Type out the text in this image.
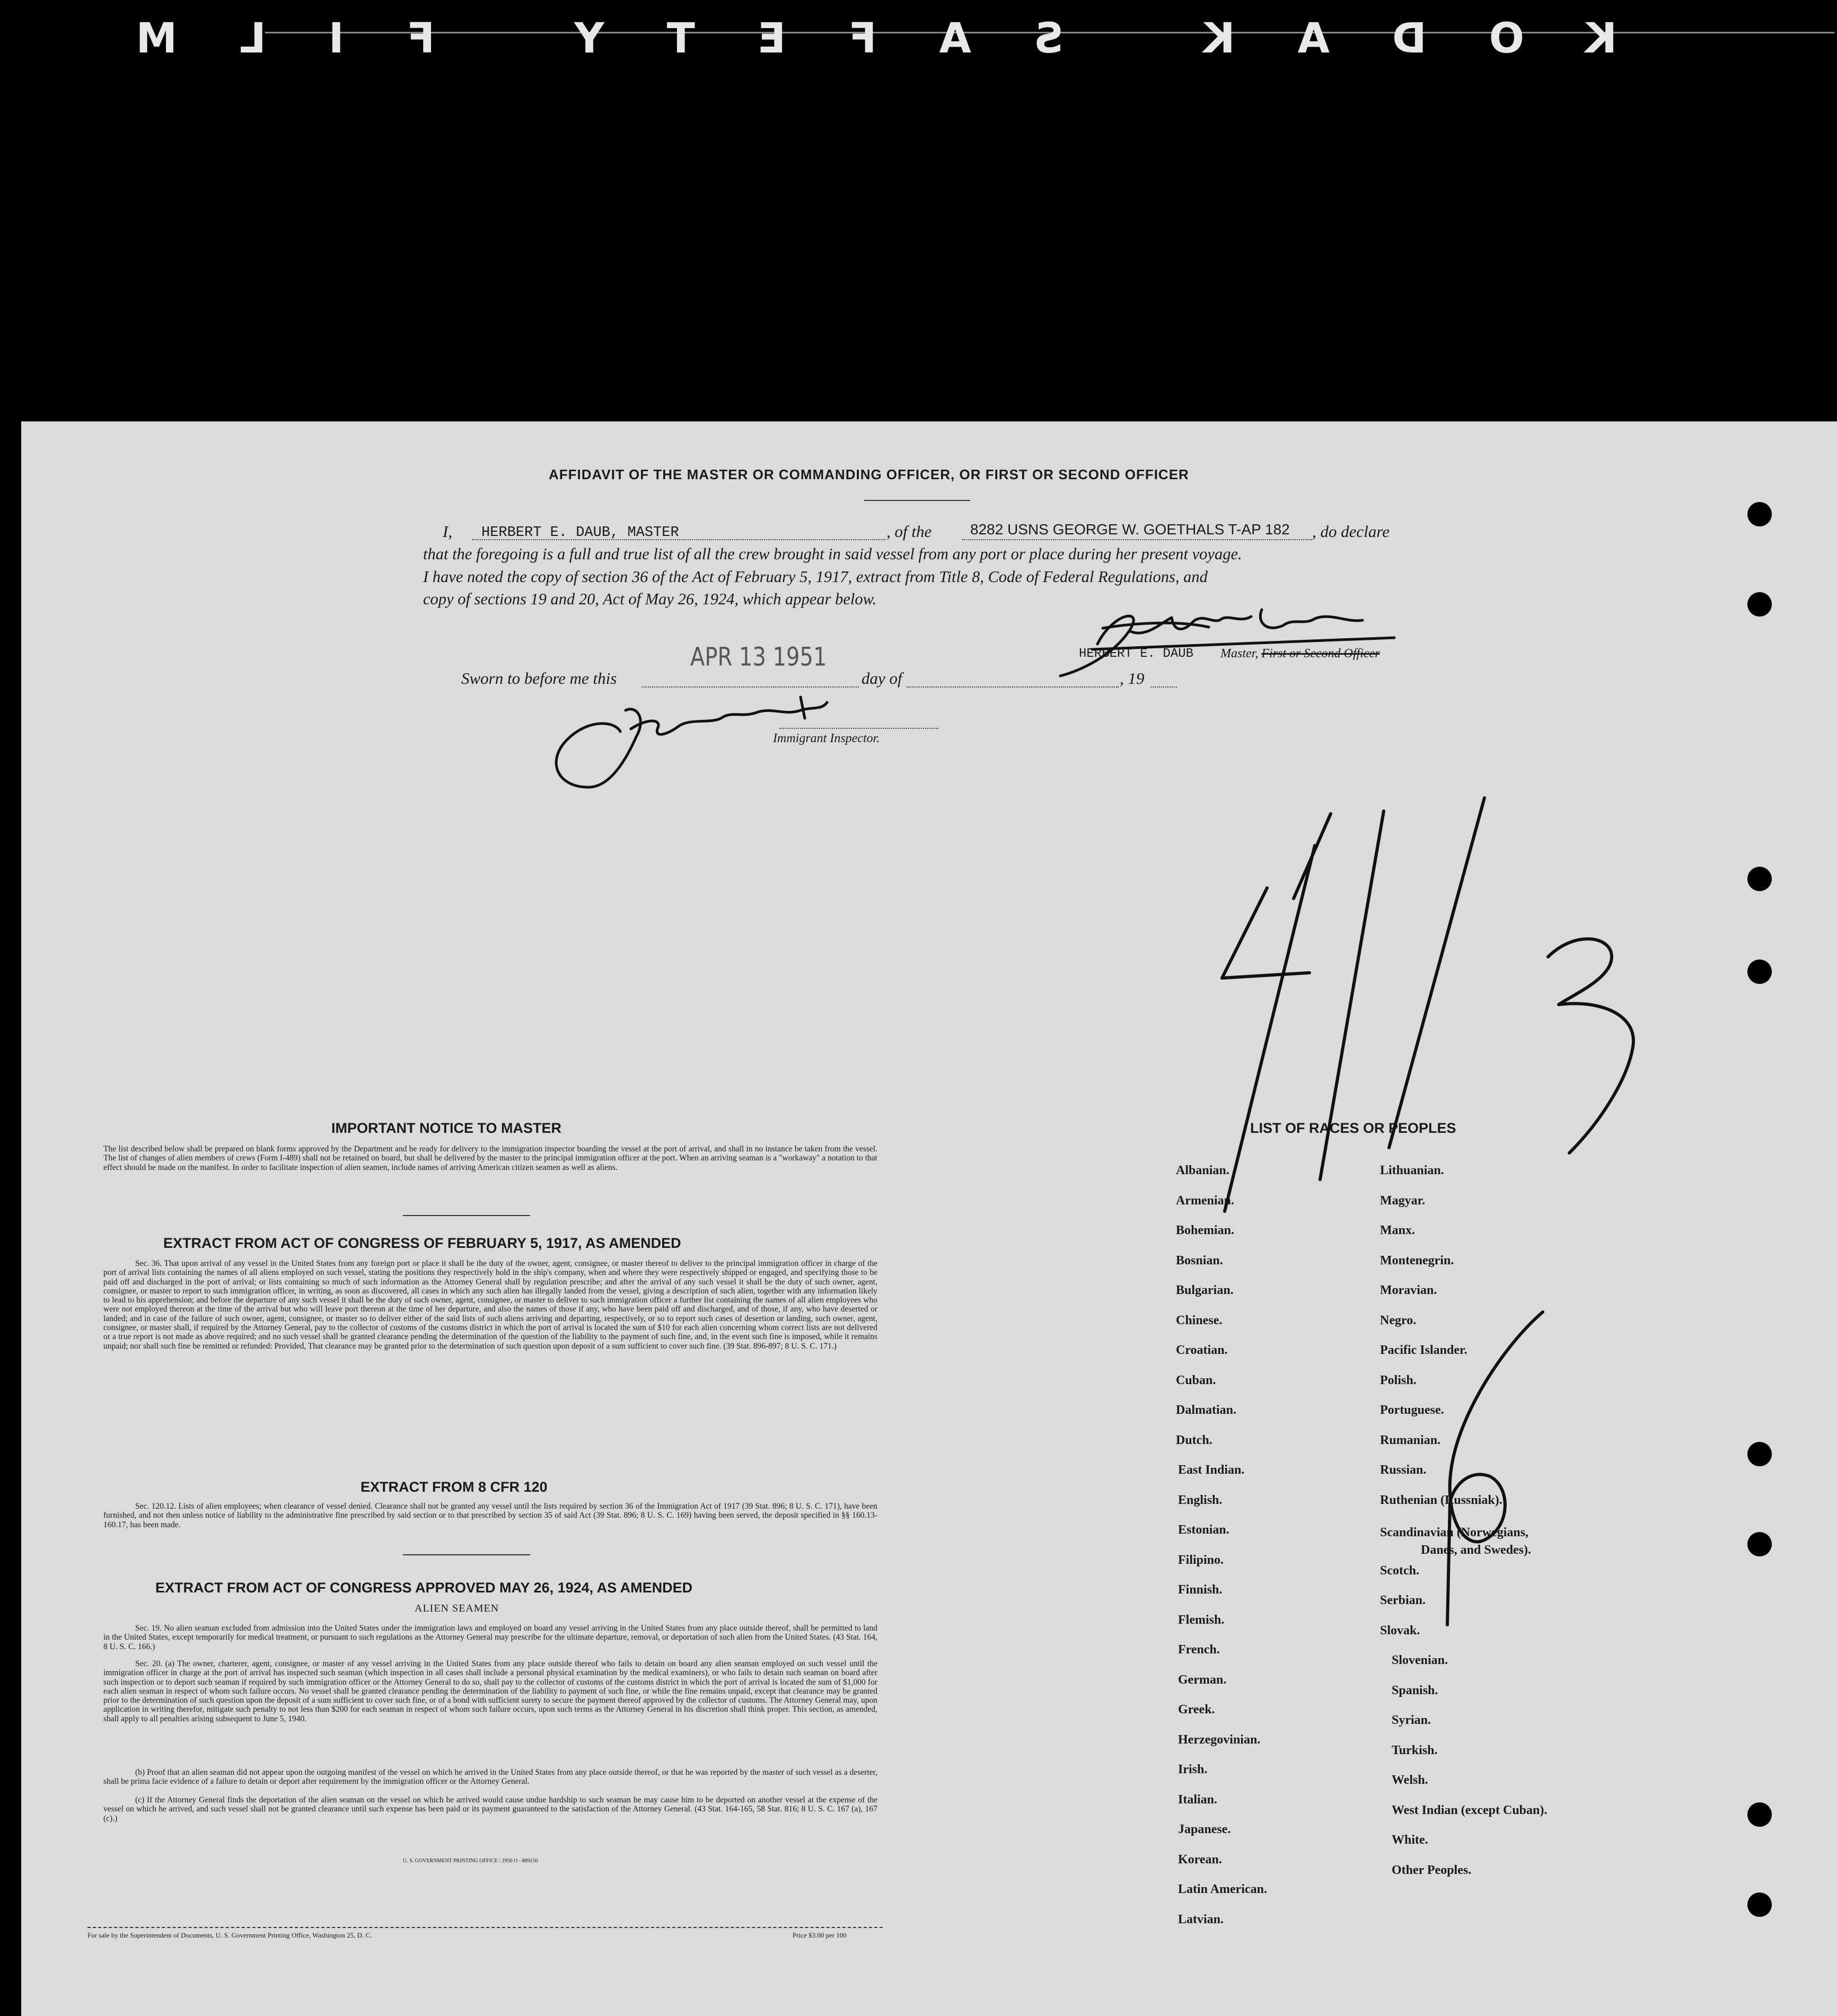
KODAK SAFETY FILM
AFFIDAVIT OF THE MASTER OR COMMANDING OFFICER, OR FIRST OR SECOND OFFICER
I, HERBERT E. DAUB, MASTER	, of the	8282 USNS GEORGE W. GOETHALS T-AP 182 , do declare
that the foregoing is a full and true list of all the crew brought in said vessel from any port or place during her present voyage.
I have noted the copy of section 36 of the Act of February 5, 1917, extract from Title 8, Code of Federal Regulations, and
copy of sections 19 and 20, Act of May 26, 1924, which appear below.
HERBERT E. DAUB Master, First or Second Officer
Sworn to before me this
APR 13 1951
day of	, 19
Immigrant Inspector.
IMPORTANT NOTICE TO MASTER
The list described below shall be prepared on blank forms approved by the Department and be ready for delivery to the immigration inspector boarding the vessel at the port of arrival, and shall in no instance be taken from the vessel. The list of changes of alien members of crews (Form I-489) shall not be retained on board, but shall be delivered by the master to the principal immigration officer at the port. When an arriving seaman is a "workaway" a notation to that effect should be made on the manifest. In order to facilitate inspection of alien seamen, include names of arriving American citizen seamen as well as aliens.
EXTRACT FROM ACT OF CONGRESS OF FEBRUARY 5, 1917, AS AMENDED
Sec. 36. That upon arrival of any vessel in the United States from any foreign port or place it shall be the duty of the owner, agent, consignee, or master thereof to deliver to the principal immigration officer in charge of the port of arrival lists containing the names of all aliens employed on such vessel, stating the positions they respectively hold in the ship's company, when and where they were respectively shipped or engaged, and specifying those to be paid off and discharged in the port of arrival; or lists containing so much of such information as the Attorney General shall by regulation prescribe; and after the arrival of any such vessel it shall be the duty of such owner, agent, consignee, or master to report to such immigration officer, in writing, as soon as discovered, all cases in which any such alien has illegally landed from the vessel, giving a description of such alien, together with any information likely to lead to his apprehension; and before the departure of any such vessel it shall be the duty of such owner, agent, consignee, or master to deliver to such immigration officer a further list containing the names of all alien employees who were not employed thereon at the time of the arrival but who will leave port thereon at the time of her departure, and also the names of those if any, who have been paid off and discharged, and of those, if any, who have deserted or landed; and in case of the failure of such owner, agent, consignee, or master so to deliver either of the said lists of such aliens arriving and departing, respectively, or so to report such cases of desertion or landing, such owner, agent, consignee, or master shall, if required by the Attorney General, pay to the collector of customs of the customs district in which the port of arrival is located the sum of $10 for each alien concerning whom correct lists are not delivered or a true report is not made as above required; and no such vessel shall be granted clearance pending the determination of the question of the liability to the payment of such fine, and, in the event such fine is imposed, while it remains unpaid; nor shall such fine be remitted or refunded: Provided, That clearance may be granted prior to the determination of such question upon deposit of a sum sufficient to cover such fine. (39 Stat. 896-897; 8 U. S. C. 171.)
EXTRACT FROM 8 CFR 120
Sec. 120.12. Lists of alien employees; when clearance of vessel denied. Clearance shall not be granted any vessel until the lists required by section 36 of the Immigration Act of 1917 (39 Stat. 896; 8 U. S. C. 171), have been furnished, and not then unless notice of liability to the administrative fine prescribed by said section or to that prescribed by section 35 of said Act (39 Stat. 896; 8 U. S. C. 169) having been served, the deposit specified in §§ 160.13-160.17, has been made.
EXTRACT FROM ACT OF CONGRESS APPROVED MAY 26, 1924, AS AMENDED
ALIEN SEAMEN
Sec. 19. No alien seaman excluded from admission into the United States under the immigration laws and employed on board any vessel arriving in the United States from any place outside thereof, shall be permitted to land in the United States, except temporarily for medical treatment, or pursuant to such regulations as the Attorney General may prescribe for the ultimate departure, removal, or deportation of such alien from the United States. (43 Stat. 164, 8 U. S. C. 166.)
Sec. 20. (a) The owner, charterer, agent, consignee, or master of any vessel arriving in the United States from any place outside thereof who fails to detain on board any alien seaman employed on such vessel until the immigration officer in charge at the port of arrival has inspected such seaman (which inspection in all cases shall include a personal physical examination by the medical examiners), or who fails to detain such seaman on board after such inspection or to deport such seaman if required by such immigration officer or the Attorney General to do so, shall pay to the collector of customs of the customs district in which the port of arrival is located the sum of $1,000 for each alien seaman in respect of whom such failure occurs. No vessel shall be granted clearance pending the determination of the liability to payment of such fine, or while the fine remains unpaid, except that clearance may be granted prior to the determination of such question upon the deposit of a sum sufficient to cover such fine, or of a bond with sufficient surety to secure the payment thereof approved by the collector of customs. The Attorney General may, upon application in writing therefor, mitigate such penalty to not less than $200 for each seaman in respect of whom such failure occurs, upon such terms as the Attorney General in his discretion shall think proper. This section, as amended, shall apply to all penalties arising subsequent to June 5, 1940.
(b) Proof that an alien seaman did not appear upon the outgoing manifest of the vessel on which he arrived in the United States from any place outside thereof, or that he was reported by the master of such vessel as a deserter, shall be prima facie evidence of a failure to detain or deport after requirement by the immigration officer or the Attorney General.
(c) If the Attorney General finds the deportation of the alien seaman on the vessel on which he arrived would cause undue hardship to such seaman he may cause him to be deported on another vessel at the expense of the vessel on which he arrived, and such vessel shall not be granted clearance until such expense has been paid or its payment guaranteed to the satisfaction of the Attorney General. (43 Stat. 164-165, 58 Stat. 816; 8 U. S. C. 167 (a), 167 (c).)
U. S. GOVERNMENT PRINTING OFFICE : 1950 O - 889150
For sale by the Superintendent of Documents, U. S. Government Printing Office, Washington 25, D. C.	Price $3.00 per 100
LIST OF RACES OR PEOPLES
Albanian.
Armenian.
Bohemian.
Bosnian.
Bulgarian.
Chinese.
Croatian.
Cuban.
Dalmatian.
Dutch.
East Indian.
English.
Estonian.
Filipino.
Finnish.
Flemish.
French.
German.
Greek.
Herzegovinian.
Irish.
Italian.
Japanese.
Korean.
Latin American.
Latvian.
Lithuanian.
Magyar.
Manx.
Montenegrin.
Moravian.
Negro.
Pacific Islander.
Polish.
Portuguese.
Rumanian.
Russian.
Ruthenian (Russniak).
Scandinavian (Norwegians,
Danes, and Swedes).
Scotch.
Serbian.
Slovak.
Slovenian.
Spanish.
Syrian.
Turkish.
Welsh.
West Indian (except Cuban).
White.
Other Peoples.
